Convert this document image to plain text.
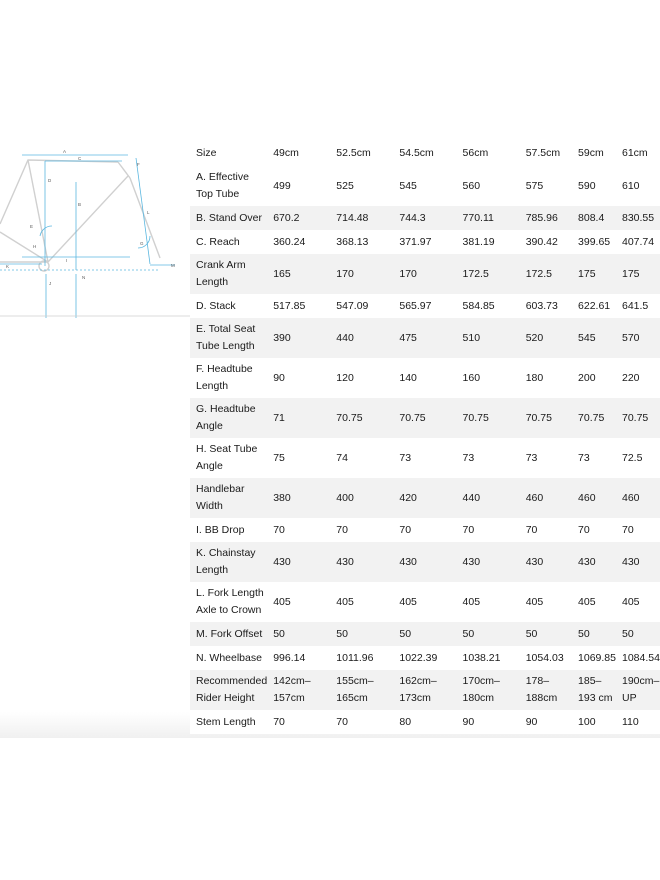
A
C
D
B
F
L
E
H
G
I
K
J
N
M
Size	49cm	52.5cm	54.5cm	56cm	57.5cm	59cm	61cm
A. Effective Top Tube	499	525	545	560	575	590	610
B. Stand Over	670.2	714.48	744.3	770.11	785.96	808.4	830.55
C. Reach	360.24	368.13	371.97	381.19	390.42	399.65	407.74
Crank Arm Length	165	170	170	172.5	172.5	175	175
D. Stack	517.85	547.09	565.97	584.85	603.73	622.61	641.5
E. Total Seat Tube Length	390	440	475	510	520	545	570
F. Headtube Length	90	120	140	160	180	200	220
G. Headtube Angle	71	70.75	70.75	70.75	70.75	70.75	70.75
H. Seat Tube Angle	75	74	73	73	73	73	72.5
Handlebar Width	380	400	420	440	460	460	460
I. BB Drop	70	70	70	70	70	70	70
K. Chainstay Length	430	430	430	430	430	430	430
L. Fork Length Axle to Crown	405	405	405	405	405	405	405
M. Fork Offset	50	50	50	50	50	50	50
N. Wheelbase	996.14	1011.96	1022.39	1038.21	1054.03	1069.85	1084.54
Recommended Rider Height	142cm–157cm	155cm–165cm	162cm–173cm	170cm–180cm	178–188cm	185–193 cm	190cm–UP
Stem Length	70	70	80	90	90	100	110
